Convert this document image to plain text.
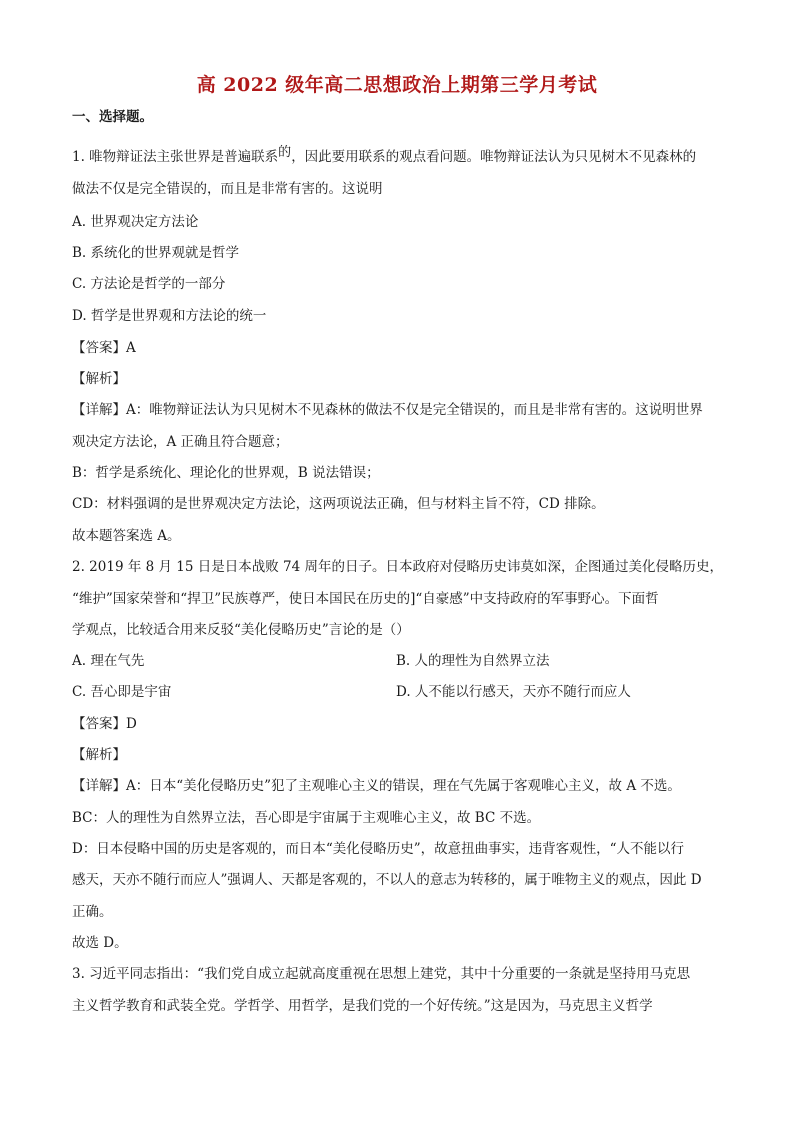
高 2022 级年高二思想政治上期第三学月考试
一、选择题。
1. 唯物辩证法主张世界是普遍联系的，因此要用联系的观点看问题。唯物辩证法认为只见树木不见森林的
做法不仅是完全错误的，而且是非常有害的。这说明
A. 世界观决定方法论
B. 系统化的世界观就是哲学
C. 方法论是哲学的一部分
D. 哲学是世界观和方法论的统一
【答案】A
【解析】
【详解】A：唯物辩证法认为只见树木不见森林的做法不仅是完全错误的，而且是非常有害的。这说明世界
观决定方法论，A 正确且符合题意；
B：哲学是系统化、理论化的世界观，B 说法错误；
CD：材料强调的是世界观决定方法论，这两项说法正确，但与材料主旨不符，CD 排除。
故本题答案选 A。
2. 2019 年 8 月 15 日是日本战败 74 周年的日子。日本政府对侵略历史讳莫如深，企图通过美化侵略历史，
“维护”国家荣誉和“捍卫”民族尊严，使日本国民在历史的]“自豪感”中支持政府的军事野心。下面哲
学观点，比较适合用来反驳“美化侵略历史”言论的是（）
A. 理在气先	B. 人的理性为自然界立法
C. 吾心即是宇宙	D. 人不能以行感天，天亦不随行而应人
【答案】D
【解析】
【详解】A：日本“美化侵略历史”犯了主观唯心主义的错误，理在气先属于客观唯心主义，故 A 不选。
BC：人的理性为自然界立法，吾心即是宇宙属于主观唯心主义，故 BC 不选。
D：日本侵略中国的历史是客观的，而日本“美化侵略历史”，故意扭曲事实，违背客观性，“人不能以行
感天，天亦不随行而应人”强调人、天都是客观的，不以人的意志为转移的，属于唯物主义的观点，因此 D
正确。
故选 D。
3. 习近平同志指出：“我们党自成立起就高度重视在思想上建党，其中十分重要的一条就是坚持用马克思
主义哲学教育和武装全党。学哲学、用哲学，是我们党的一个好传统。”这是因为，马克思主义哲学
